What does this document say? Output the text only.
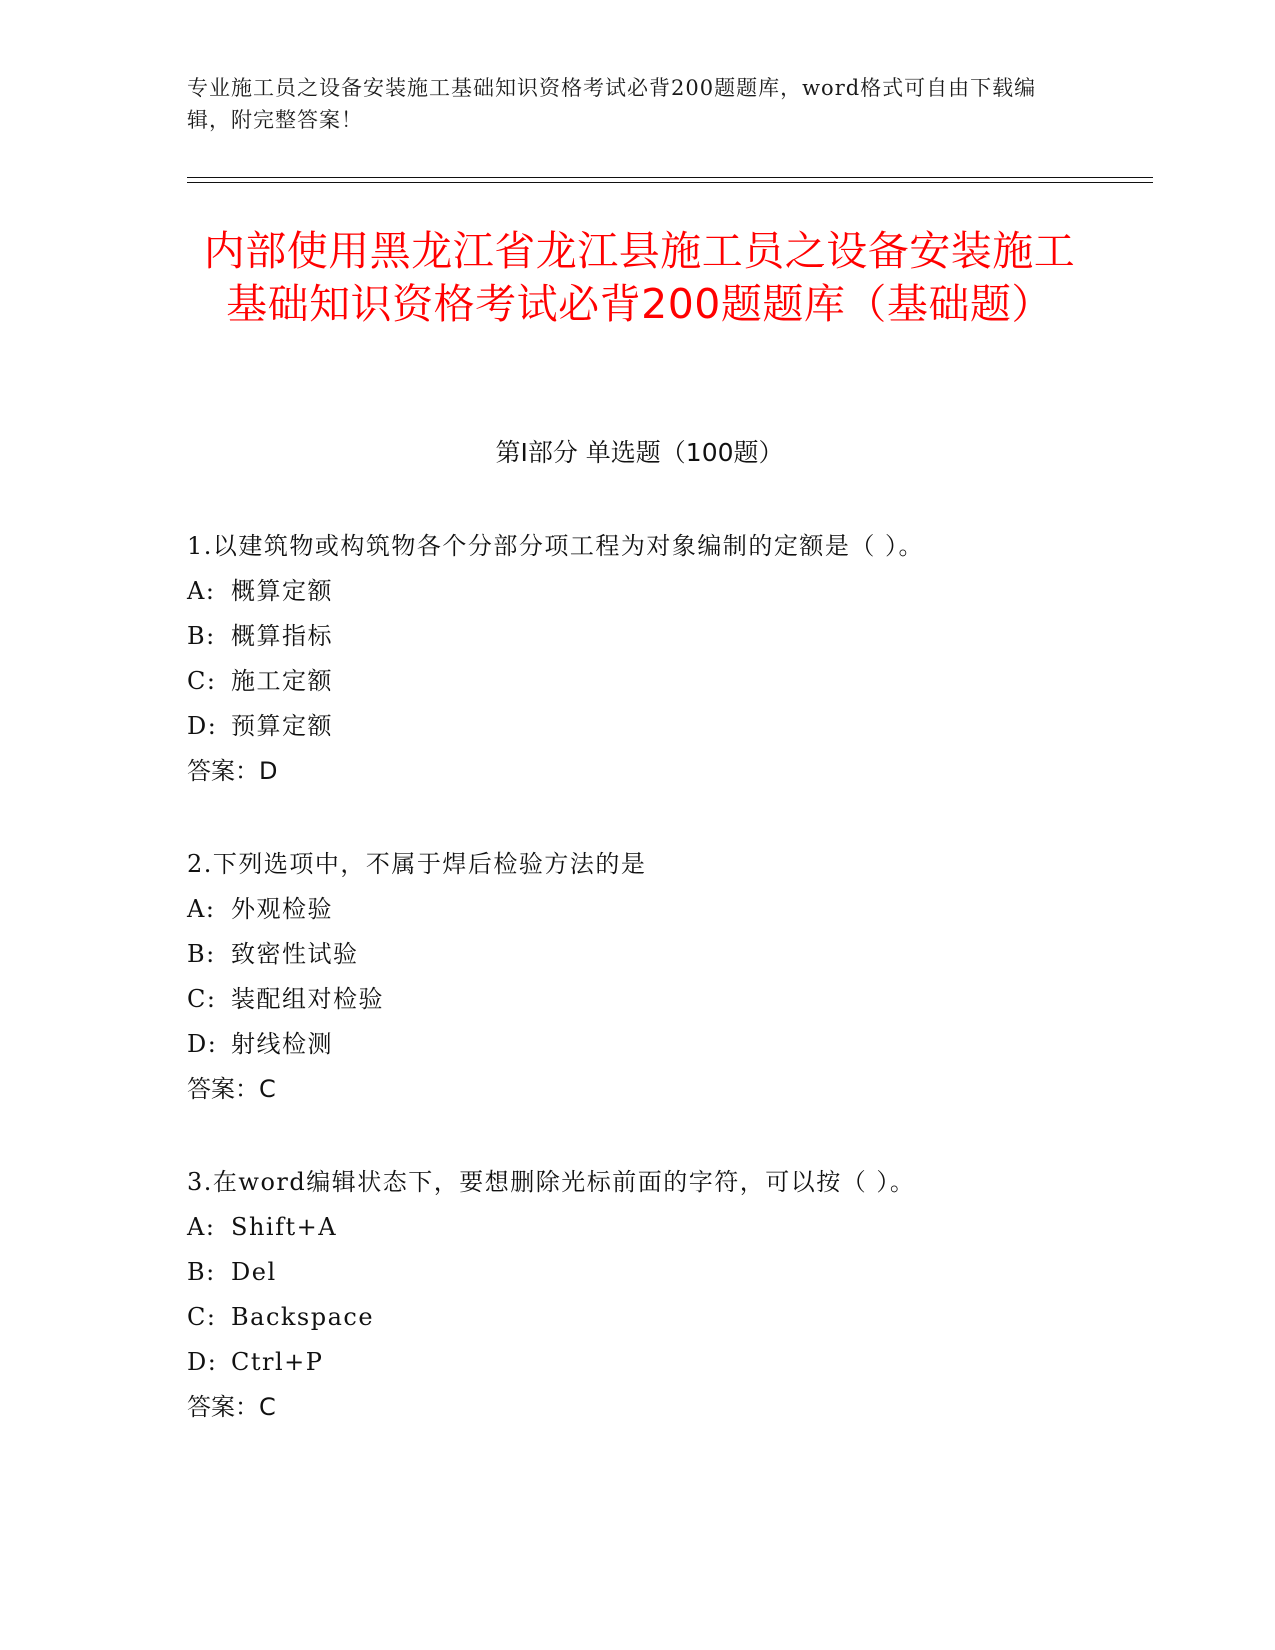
专业施工员之设备安装施工基础知识资格考试必背200题题库，word格式可自由下载编辑，附完整答案！
内部使用黑龙江省龙江县施工员之设备安装施工基础知识资格考试必背200题题库（基础题）
第I部分 单选题（100题）
1.以建筑物或构筑物各个分部分项工程为对象编制的定额是（ ）。
A: 概算定额
B: 概算指标
C: 施工定额
D: 预算定额
答案：D
2.下列选项中，不属于焊后检验方法的是
A: 外观检验
B: 致密性试验
C: 装配组对检验
D: 射线检测
答案：C
3.在word编辑状态下，要想删除光标前面的字符，可以按（ ）。
A: Shift+A
B: Del
C: Backspace
D: Ctrl+P
答案：C
